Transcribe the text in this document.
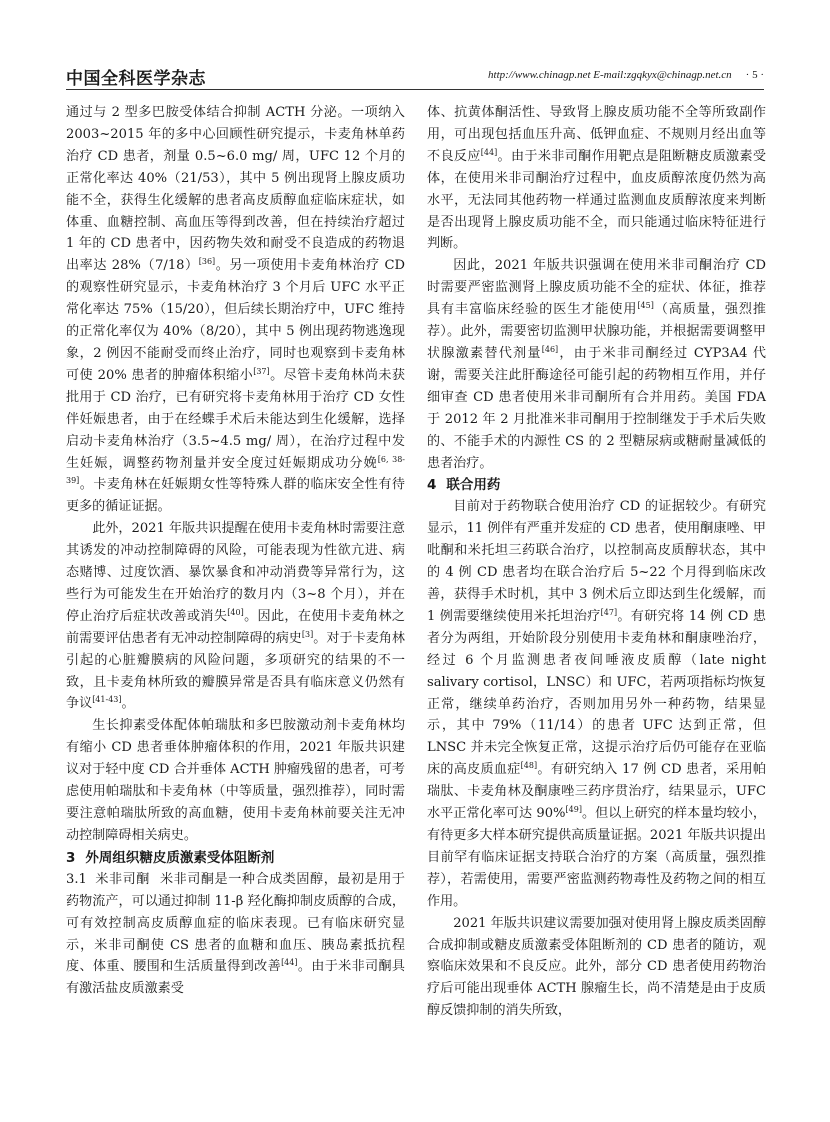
中国全科医学杂志	http://www.chinagp.net E-mail:zgqkyx@chinagp.net.cn · 5 ·

通过与 2 型多巴胺受体结合抑制 ACTH 分泌。一项纳入 2003~2015 年的多中心回顾性研究提示，卡麦角林单药治疗 CD 患者，剂量 0.5~6.0 mg/ 周，UFC 12 个月的正常化率达 40%（21/53），其中 5 例出现肾上腺皮质功能不全，获得生化缓解的患者高皮质醇血症临床症状，如体重、血糖控制、高血压等得到改善，但在持续治疗超过 1 年的 CD 患者中，因药物失效和耐受不良造成的药物退出率达 28%（7/18）[36]。另一项使用卡麦角林治疗 CD 的观察性研究显示，卡麦角林治疗 3 个月后 UFC 水平正常化率达 75%（15/20），但后续长期治疗中，UFC 维持的正常化率仅为 40%（8/20），其中 5 例出现药物逃逸现象，2 例因不能耐受而终止治疗，同时也观察到卡麦角林可使 20% 患者的肿瘤体积缩小[37]。尽管卡麦角林尚未获批用于 CD 治疗，已有研究将卡麦角林用于治疗 CD 女性伴妊娠患者，由于在经蝶手术后未能达到生化缓解，选择启动卡麦角林治疗（3.5~4.5 mg/ 周），在治疗过程中发生妊娠，调整药物剂量并安全度过妊娠期成功分娩[6, 38-39]。卡麦角林在妊娠期女性等特殊人群的临床安全性有待更多的循证证据。

此外，2021 年版共识提醒在使用卡麦角林时需要注意其诱发的冲动控制障碍的风险，可能表现为性欲亢进、病态赌博、过度饮酒、暴饮暴食和冲动消费等异常行为，这些行为可能发生在开始治疗的数月内（3~8 个月），并在停止治疗后症状改善或消失[40]。因此，在使用卡麦角林之前需要评估患者有无冲动控制障碍的病史[3]。对于卡麦角林引起的心脏瓣膜病的风险问题，多项研究的结果的不一致，且卡麦角林所致的瓣膜异常是否具有临床意义仍然有争议[41-43]。

生长抑素受体配体帕瑞肽和多巴胺激动剂卡麦角林均有缩小 CD 患者垂体肿瘤体积的作用，2021 年版共识建议对于轻中度 CD 合并垂体 ACTH 肿瘤残留的患者，可考虑使用帕瑞肽和卡麦角林（中等质量，强烈推荐），同时需要注意帕瑞肽所致的高血糖，使用卡麦角林前要关注无冲动控制障碍相关病史。

3 外周组织糖皮质激素受体阻断剂

3.1 米非司酮 米非司酮是一种合成类固醇，最初是用于药物流产，可以通过抑制 11-β 羟化酶抑制皮质醇的合成，可有效控制高皮质醇血症的临床表现。已有临床研究显示，米非司酮使 CS 患者的血糖和血压、胰岛素抵抗程度、体重、腰围和生活质量得到改善[44]。由于米非司酮具有激活盐皮质激素受

体、抗黄体酮活性、导致肾上腺皮质功能不全等所致副作用，可出现包括血压升高、低钾血症、不规则月经出血等不良反应[44]。由于米非司酮作用靶点是阻断糖皮质激素受体，在使用米非司酮治疗过程中，血皮质醇浓度仍然为高水平，无法同其他药物一样通过监测血皮质醇浓度来判断是否出现肾上腺皮质功能不全，而只能通过临床特征进行判断。

因此，2021 年版共识强调在使用米非司酮治疗 CD 时需要严密监测肾上腺皮质功能不全的症状、体征，推荐具有丰富临床经验的医生才能使用[45]（高质量，强烈推荐）。此外，需要密切监测甲状腺功能，并根据需要调整甲状腺激素替代剂量[46]，由于米非司酮经过 CYP3A4 代谢，需要关注此肝酶途径可能引起的药物相互作用，并仔细审查 CD 患者使用米非司酮所有合并用药。美国 FDA 于 2012 年 2 月批准米非司酮用于控制继发于手术后失败的、不能手术的内源性 CS 的 2 型糖尿病或糖耐量减低的患者治疗。

4 联合用药

目前对于药物联合使用治疗 CD 的证据较少。有研究显示，11 例伴有严重并发症的 CD 患者，使用酮康唑、甲吡酮和米托坦三药联合治疗，以控制高皮质醇状态，其中的 4 例 CD 患者均在联合治疗后 5~22 个月得到临床改善，获得手术时机，其中 3 例术后立即达到生化缓解，而 1 例需要继续使用米托坦治疗[47]。有研究将 14 例 CD 患者分为两组，开始阶段分别使用卡麦角林和酮康唑治疗，经过 6 个月监测患者夜间唾液皮质醇（late night salivary cortisol，LNSC）和 UFC，若两项指标均恢复正常，继续单药治疗，否则加用另外一种药物，结果显示，其中 79%（11/14）的患者 UFC 达到正常，但 LNSC 并未完全恢复正常，这提示治疗后仍可能存在亚临床的高皮质血症[48]。有研究纳入 17 例 CD 患者，采用帕瑞肽、卡麦角林及酮康唑三药序贯治疗，结果显示，UFC 水平正常化率可达 90%[49]。但以上研究的样本量均较小，有待更多大样本研究提供高质量证据。2021 年版共识提出目前罕有临床证据支持联合治疗的方案（高质量，强烈推荐），若需使用，需要严密监测药物毒性及药物之间的相互作用。

2021 年版共识建议需要加强对使用肾上腺皮质类固醇合成抑制或糖皮质激素受体阻断剂的 CD 患者的随访，观察临床效果和不良反应。此外，部分 CD 患者使用药物治疗后可能出现垂体 ACTH 腺瘤生长，尚不清楚是由于皮质醇反馈抑制的消失所致，
